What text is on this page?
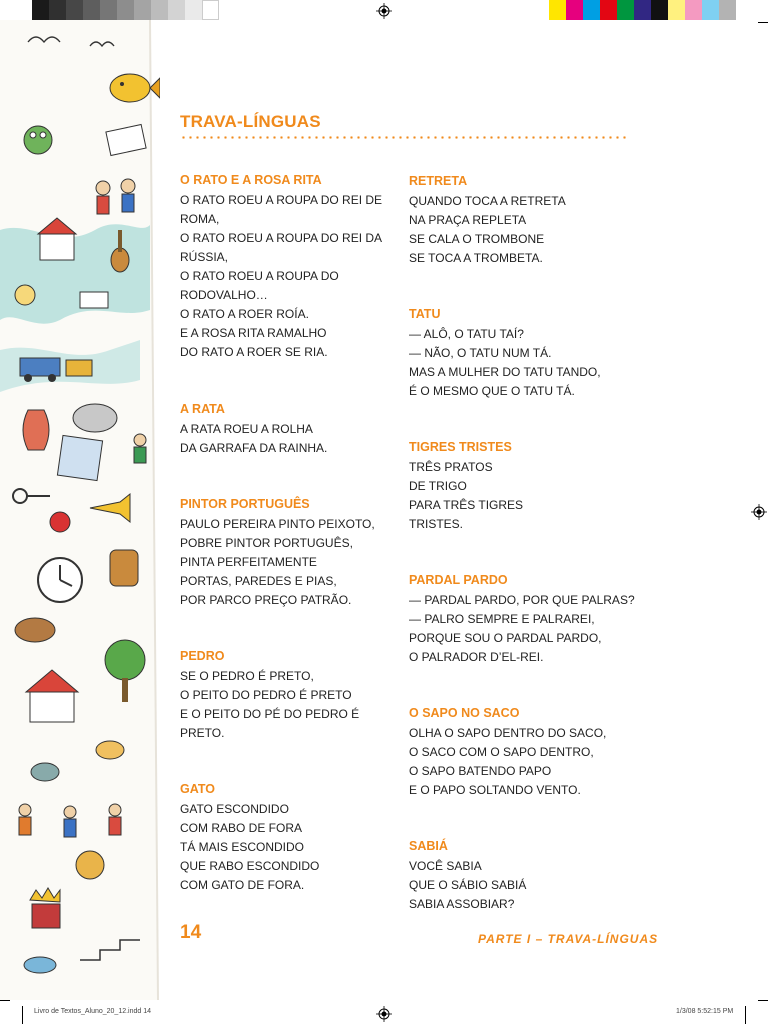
TRAVA-LÍNGUAS
O RATO E A ROSA RITA
O RATO ROEU A ROUPA DO REI DE
ROMA,
O RATO ROEU A ROUPA DO REI DA
RÚSSIA,
O RATO ROEU A ROUPA DO
RODOVALHO…
O RATO A ROER ROÍA.
E A ROSA RITA RAMALHO
DO RATO A ROER SE RIA.
A RATA
A RATA ROEU A ROLHA
DA GARRAFA DA RAINHA.
PINTOR PORTUGUÊS
PAULO PEREIRA PINTO PEIXOTO,
POBRE PINTOR PORTUGUÊS,
PINTA PERFEITAMENTE
PORTAS, PAREDES E PIAS,
POR PARCO PREÇO PATRÃO.
PEDRO
SE O PEDRO É PRETO,
O PEITO DO PEDRO É PRETO
E O PEITO DO PÉ DO PEDRO É
PRETO.
GATO
GATO ESCONDIDO
COM RABO DE FORA
TÁ MAIS ESCONDIDO
QUE RABO ESCONDIDO
COM GATO DE FORA.
RETRETA
QUANDO TOCA A RETRETA
NA PRAÇA REPLETA
SE CALA O TROMBONE
SE TOCA A TROMBETA.
TATU
— ALÔ, O TATU TAÍ?
— NÃO, O TATU NUM TÁ.
MAS A MULHER DO TATU TANDO,
É O MESMO QUE O TATU TÁ.
TIGRES TRISTES
TRÊS PRATOS
DE TRIGO
PARA TRÊS TIGRES
TRISTES.
PARDAL PARDO
— PARDAL PARDO, POR QUE PALRAS?
— PALRO SEMPRE E PALRAREI,
PORQUE SOU O PARDAL PARDO,
O PALRADOR D’EL-REI.
O SAPO NO SACO
OLHA O SAPO DENTRO DO SACO,
O SACO COM O SAPO DENTRO,
O SAPO BATENDO PAPO
E O PAPO SOLTANDO VENTO.
SABIÁ
VOCÊ SABIA
QUE O SÁBIO SABIÁ
SABIA ASSOBIAR?
14	PARTE I – TRAVA-LÍNGUAS
Livro de Textos_Aluno_20_12.indd 14	1/3/08 5:52:15 PM
